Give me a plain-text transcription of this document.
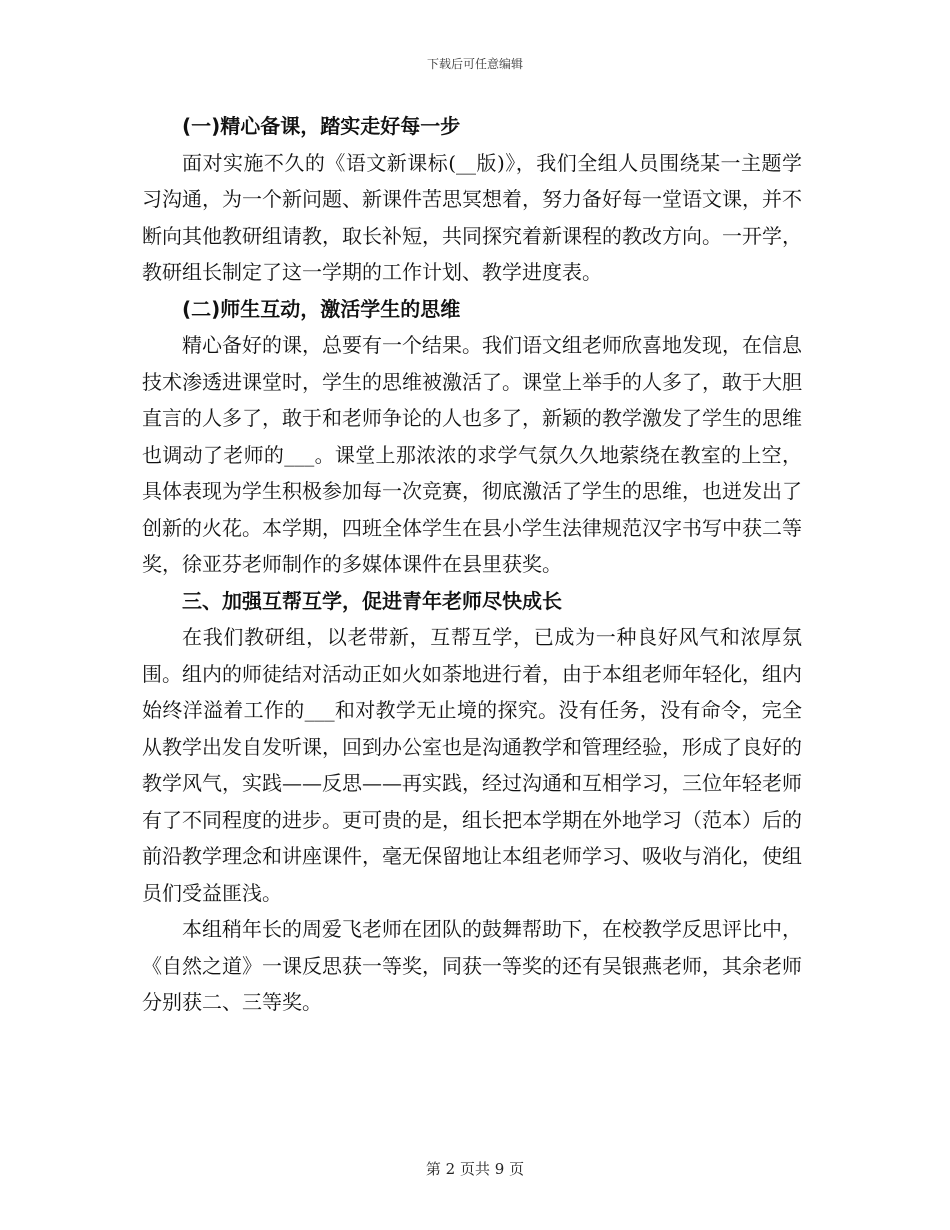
下载后可任意编辑

(一)精心备课，踏实走好每一步

面对实施不久的《语文新课标(__版)》，我们全组人员围绕某一主题学习沟通，为一个新问题、新课件苦思冥想着，努力备好每一堂语文课，并不断向其他教研组请教，取长补短，共同探究着新课程的教改方向。一开学，教研组长制定了这一学期的工作计划、教学进度表。

(二)师生互动，激活学生的思维

精心备好的课，总要有一个结果。我们语文组老师欣喜地发现，在信息技术渗透进课堂时，学生的思维被激活了。课堂上举手的人多了，敢于大胆直言的人多了，敢于和老师争论的人也多了，新颖的教学激发了学生的思维也调动了老师的___。课堂上那浓浓的求学气氛久久地萦绕在教室的上空，具体表现为学生积极参加每一次竞赛，彻底激活了学生的思维，也迸发出了创新的火花。本学期，四班全体学生在县小学生法律规范汉字书写中获二等奖，徐亚芬老师制作的多媒体课件在县里获奖。

三、加强互帮互学，促进青年老师尽快成长

在我们教研组，以老带新，互帮互学，已成为一种良好风气和浓厚氛围。组内的师徒结对活动正如火如荼地进行着，由于本组老师年轻化，组内始终洋溢着工作的___和对教学无止境的探究。没有任务，没有命令，完全从教学出发自发听课，回到办公室也是沟通教学和管理经验，形成了良好的教学风气，实践——反思——再实践，经过沟通和互相学习，三位年轻老师有了不同程度的进步。更可贵的是，组长把本学期在外地学习（范本）后的前沿教学理念和讲座课件，毫无保留地让本组老师学习、吸收与消化，使组员们受益匪浅。

本组稍年长的周爱飞老师在团队的鼓舞帮助下，在校教学反思评比中，《自然之道》一课反思获一等奖，同获一等奖的还有吴银燕老师，其余老师分别获二、三等奖。

第 2 页共 9 页
